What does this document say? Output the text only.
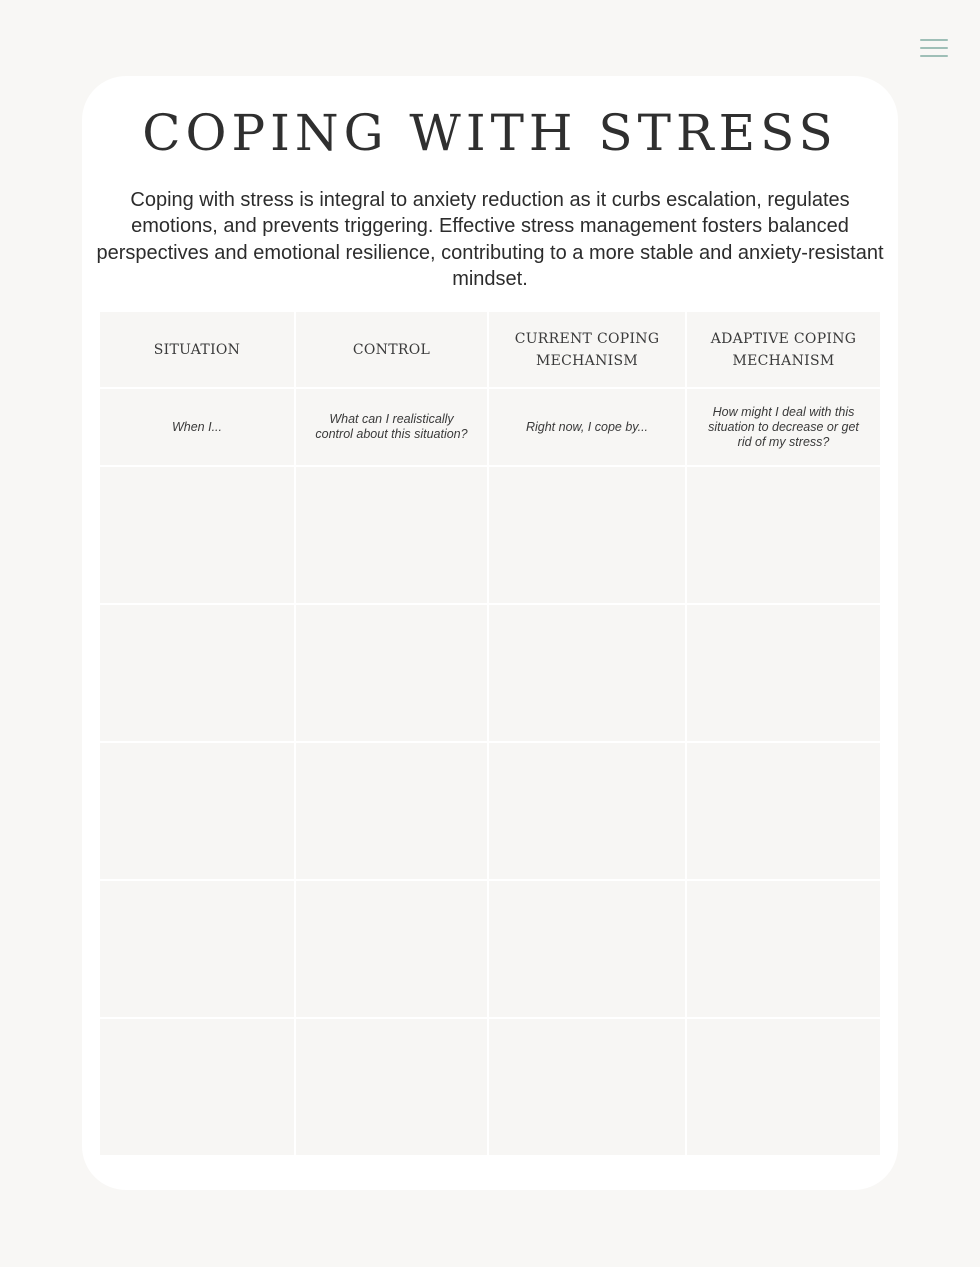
COPING WITH STRESS

Coping with stress is integral to anxiety reduction as it curbs escalation, regulates emotions, and prevents triggering. Effective stress management fosters balanced perspectives and emotional resilience, contributing to a more stable and anxiety-resistant mindset.

SITUATION	CONTROL
CURRENT COPING MECHANISM
ADAPTIVE COPING MECHANISM
When I...
What can I realistically control about this situation?
Right now, I cope by...
How might I deal with this situation to decrease or get rid of my stress?
